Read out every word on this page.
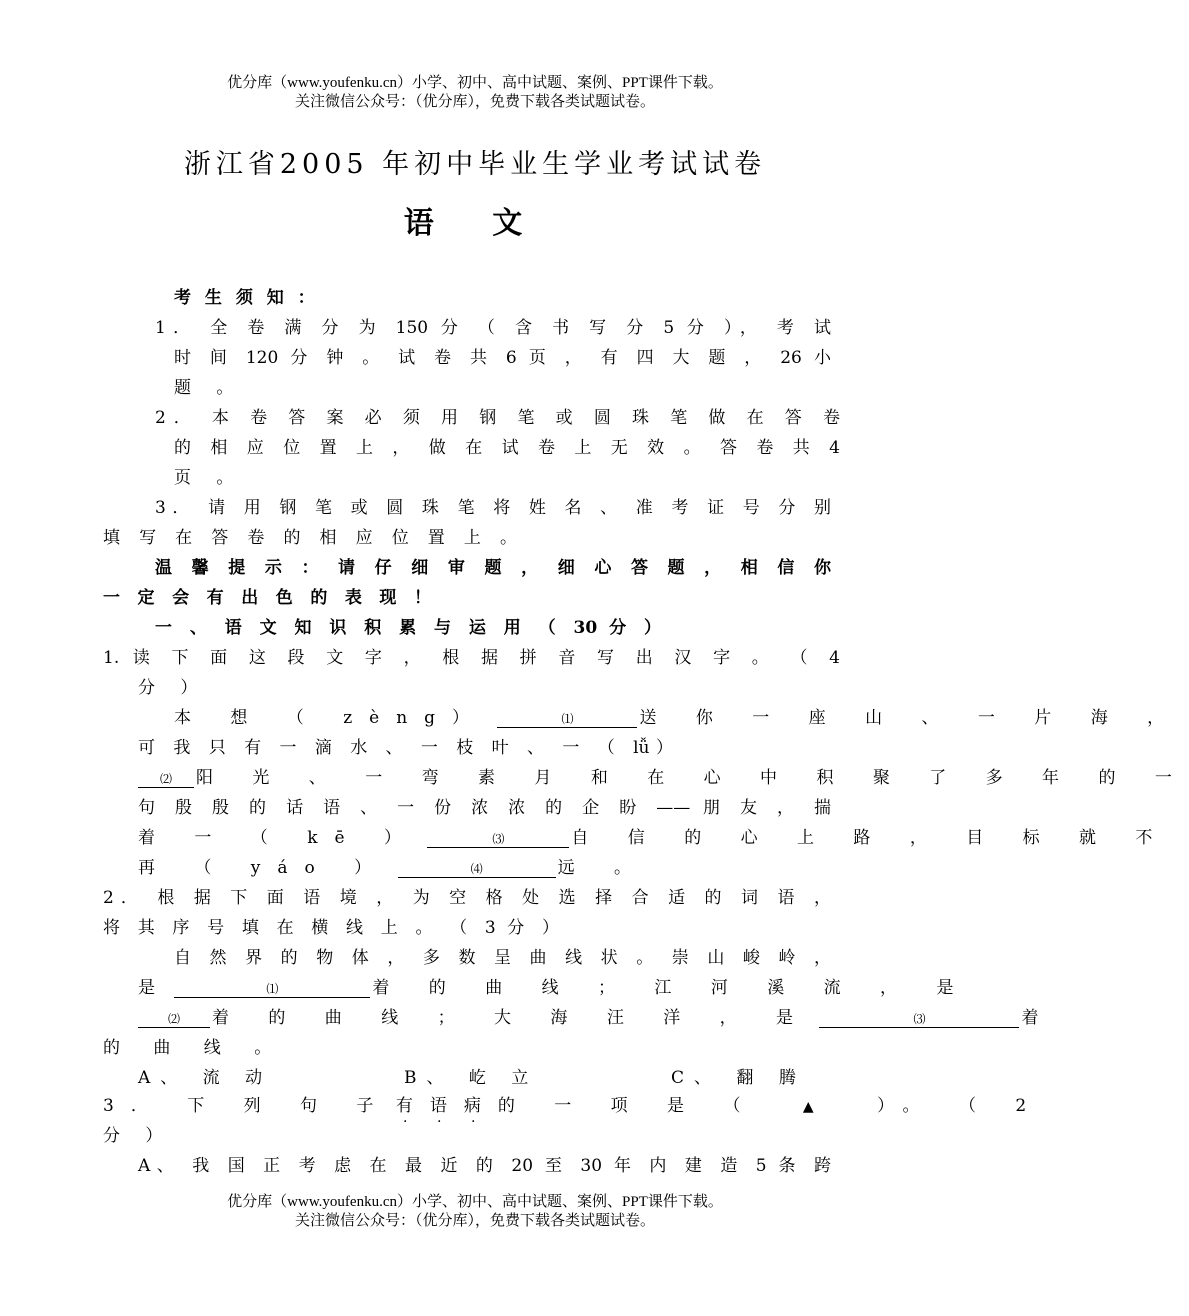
优分库（www.youfenku.cn）小学、初中、高中试题、案例、PPT课件下载。
关注微信公众号：（优分库），免费下载各类试题试卷。
浙江省2005 年初中毕业生学业考试试卷
语 文
考 生 须 知 ：
1． 全 卷 满 分 为 150 分 （ 含 书 写 分 5 分 ）， 考 试
时 间 120 分 钟 。 试 卷 共 6 页 ， 有 四 大 题 ， 26 小
题 。
2． 本 卷 答 案 必 须 用 钢 笔 或 圆 珠 笔 做 在 答 卷
的 相 应 位 置 上 ， 做 在 试 卷 上 无 效 。 答 卷 共 4
页 。
3． 请 用 钢 笔 或 圆 珠 笔 将 姓 名 、 准 考 证 号 分 别
填 写 在 答 卷 的 相 应 位 置 上 。
温 馨 提 示 ： 请 仔 细 审 题 ， 细 心 答 题 ， 相 信 你
一 定 会 有 出 色 的 表 现 ！
一 、 语 文 知 识 积 累 与 运 用 （ 30 分 ）
1. 读 下 面 这 段 文 字 ， 根 据 拼 音 写 出 汉 字 。 （ 4
分 ）
本 想 （ zèng）	⑴	送 你 一 座 山 、 一 片 海 ，
可 我 只 有 一 滴 水 、 一 枝 叶 、 一 （ lǚ）
⑵ 阳 光 、 一 弯 素 月 和 在 心 中 积 聚 了 多 年 的 一
句 殷 殷 的 话 语 、 一 份 浓 浓 的 企 盼 —— 朋 友 ， 揣
着 一 （ kē ）	⑶	自 信 的 心 上 路 ， 目 标 就 不
再 （ yáo ）	⑷	远 。
2． 根 据 下 面 语 境 ， 为 空 格 处 选 择 合 适 的 词 语 ，
将 其 序 号 填 在 横 线 上 。 （ 3 分 ）
自 然 界 的 物 体 ， 多 数 呈 曲 线 状 。 崇 山 峻 岭 ，
是	⑴	着 的 曲 线 ； 江 河 溪 流 ， 是
⑵ 着 的 曲 线 ； 大 海 汪 洋 ， 是	⑶	着
的 曲 线 。
A、 流 动	B、 屹 立	C、 翻 腾
3． 下 列 句 子 有 语 病 的 一 项 是 （	▲	）。 （ 2
分 ）
A、 我 国 正 考 虑 在 最 近 的 20 至 30 年 内 建 造 5 条 跨
优分库（www.youfenku.cn）小学、初中、高中试题、案例、PPT课件下载。
关注微信公众号：（优分库），免费下载各类试题试卷。
